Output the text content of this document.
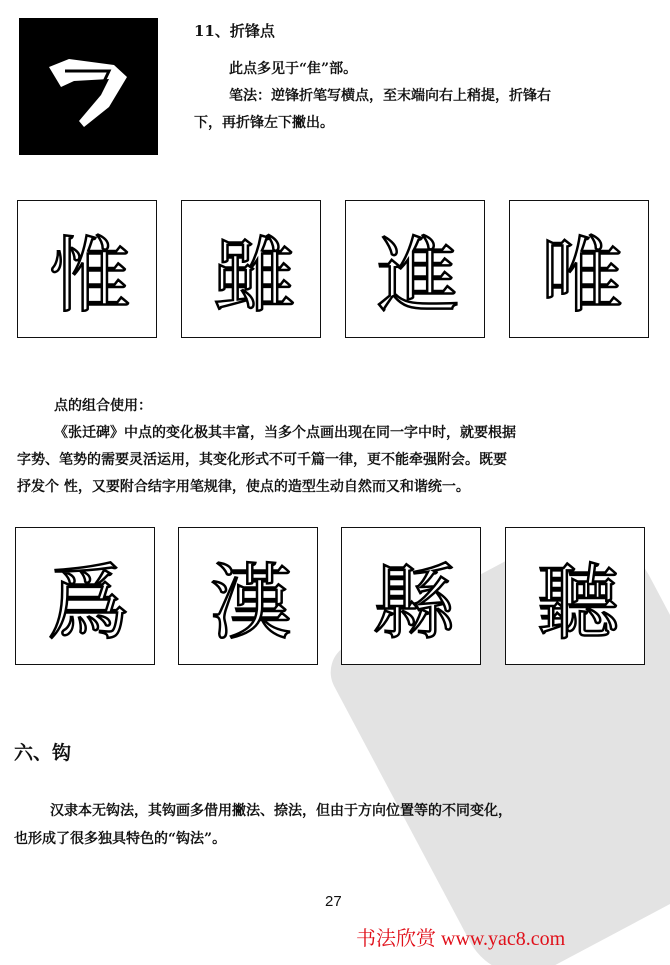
11、折锋点
此点多见于“隹”部。
笔法：逆锋折笔写横点，至末端向右上稍提，折锋右
下，再折锋左下撇出。
惟 雖 進 唯
点的组合使用：
《张迁碑》中点的变化极其丰富，当多个点画出现在同一字中时，就要根据
字势、笔势的需要灵活运用，其变化形式不可千篇一律，更不能牵强附会。既要
抒发个 性，又要附合结字用笔规律，使点的造型生动自然而又和谐统一。
爲 漢 縣 聽
六、钩
汉隶本无钩法，其钩画多借用撇法、捺法，但由于方向位置等的不同变化，
也形成了很多独具特色的“钩法”。
27
书法欣赏 www.yac8.com
